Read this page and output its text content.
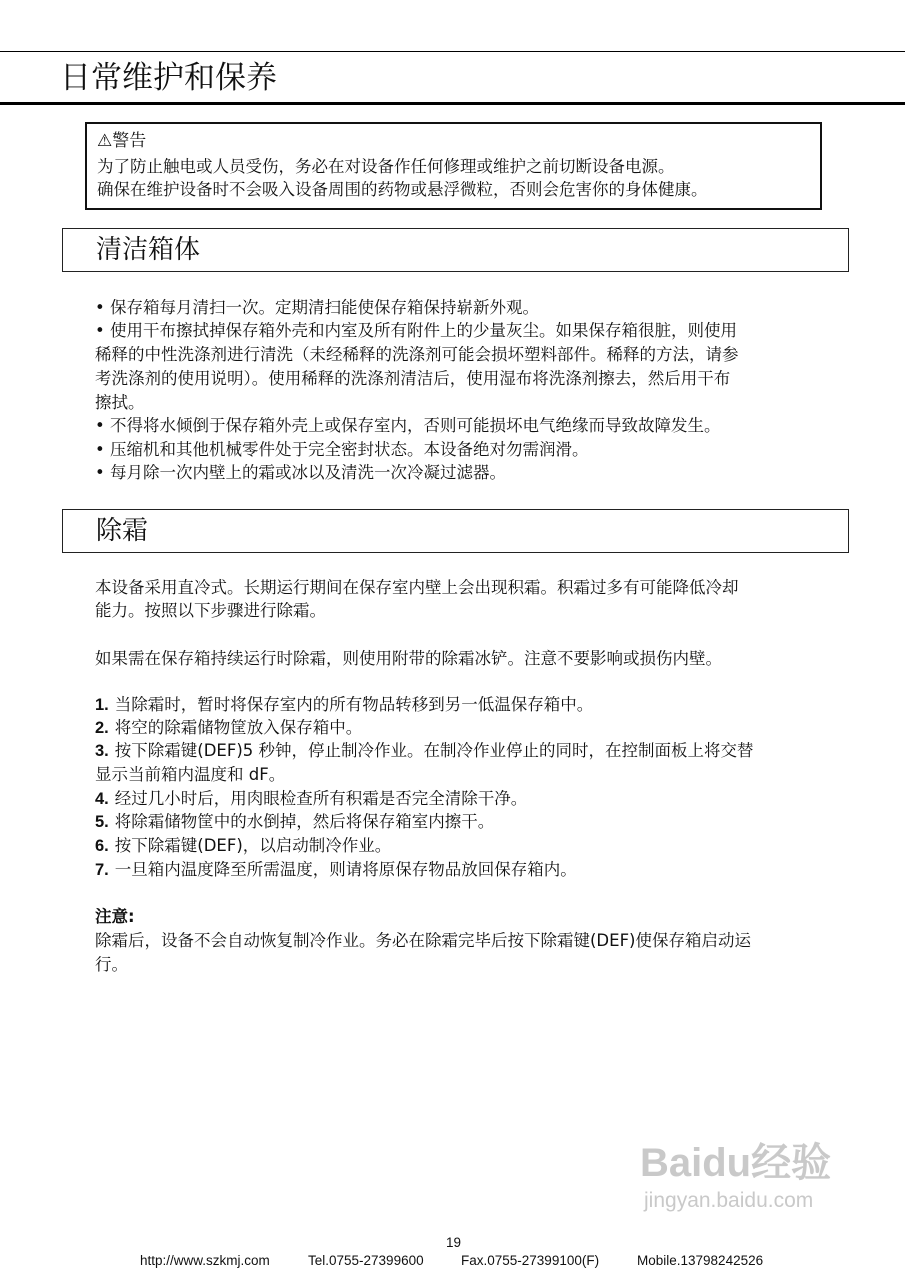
日常维护和保养
⚠警告
为了防止触电或人员受伤，务必在对设备作任何修理或维护之前切断设备电源。
确保在维护设备时不会吸入设备周围的药物或悬浮微粒，否则会危害你的身体健康。
清洁箱体
• 保存箱每月清扫一次。定期清扫能使保存箱保持崭新外观。
• 使用干布擦拭掉保存箱外壳和内室及所有附件上的少量灰尘。如果保存箱很脏，则使用
稀释的中性洗涤剂进行清洗（未经稀释的洗涤剂可能会损坏塑料部件。稀释的方法，请参
考洗涤剂的使用说明）。使用稀释的洗涤剂清洁后，使用湿布将洗涤剂擦去，然后用干布
擦拭。
• 不得将水倾倒于保存箱外壳上或保存室内，否则可能损坏电气绝缘而导致故障发生。
• 压缩机和其他机械零件处于完全密封状态。本设备绝对勿需润滑。
• 每月除一次内壁上的霜或冰以及清洗一次冷凝过滤器。
除霜
本设备采用直冷式。长期运行期间在保存室内壁上会出现积霜。积霜过多有可能降低冷却
能力。按照以下步骤进行除霜。
如果需在保存箱持续运行时除霜，则使用附带的除霜冰铲。注意不要影响或损伤内壁。
1. 当除霜时，暂时将保存室内的所有物品转移到另一低温保存箱中。
2. 将空的除霜储物筐放入保存箱中。
3. 按下除霜键(DEF)5 秒钟，停止制冷作业。在制冷作业停止的同时，在控制面板上将交替
显示当前箱内温度和 dF。
4. 经过几小时后，用肉眼检查所有积霜是否完全清除干净。
5. 将除霜储物筐中的水倒掉，然后将保存箱室内擦干。
6. 按下除霜键(DEF)，以启动制冷作业。
7. 一旦箱内温度降至所需温度，则请将原保存物品放回保存箱内。
注意:
除霜后，设备不会自动恢复制冷作业。务必在除霜完毕后按下除霜键(DEF)使保存箱启动运
行。
Baidu经验
jingyan.baidu.com
19
http://www.szkmj.com	Tel.0755-27399600	Fax.0755-27399100(F)	Mobile.13798242526
